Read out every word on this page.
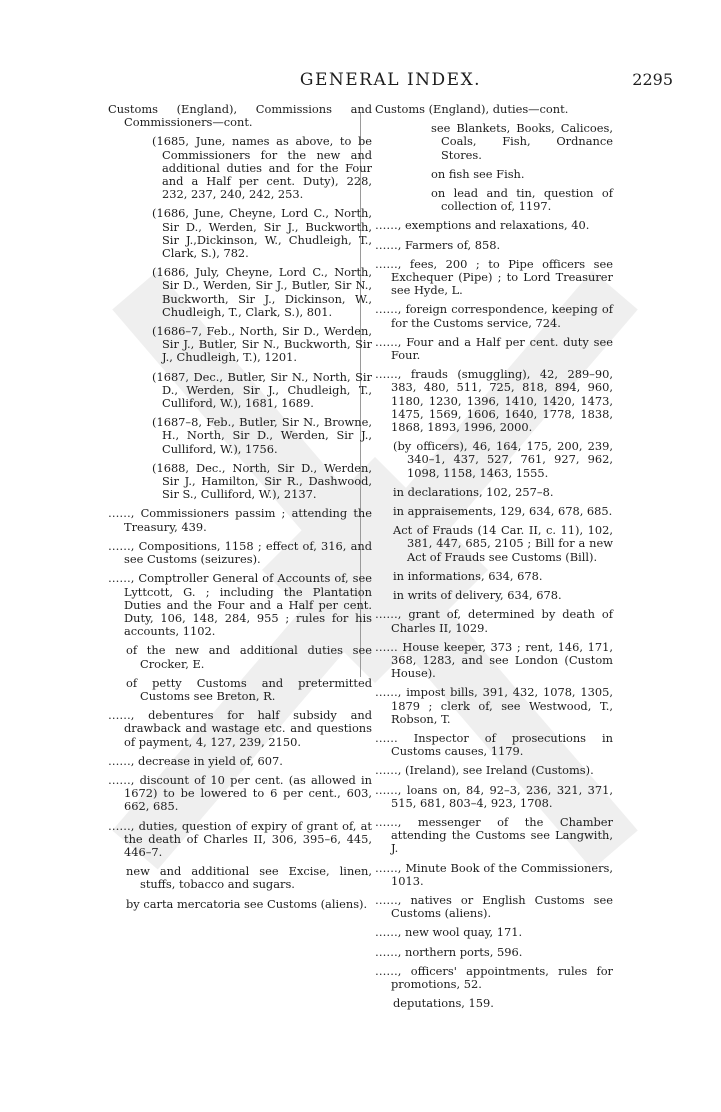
GENERAL INDEX.	2295

Customs (England), Commissions and Commissioners—cont.

(1685, June, names as above, to be Commissioners for the new and additional duties and for the Four and a Half per cent. Duty), 228, 232, 237, 240, 242, 253.

(1686, June, Cheyne, Lord C., North, Sir D., Werden, Sir J., Buckworth, Sir J.,Dickinson, W., Chudleigh, T., Clark, S.), 782.

(1686, July, Cheyne, Lord C., North, Sir D., Werden, Sir J., Butler, Sir N., Buckworth, Sir J., Dickinson, W., Chudleigh, T., Clark, S.), 801.

(1686–7, Feb., North, Sir D., Werden, Sir J., Butler, Sir N., Buckworth, Sir J., Chudleigh, T.), 1201.

(1687, Dec., Butler, Sir N., North, Sir D., Werden, Sir J., Chudleigh, T., Culliford, W.), 1681, 1689.

(1687–8, Feb., Butler, Sir N., Browne, H., North, Sir D., Werden, Sir J., Culliford, W.), 1756.

(1688, Dec., North, Sir D., Werden, Sir J., Hamilton, Sir R., Dashwood, Sir S., Culliford, W.), 2137.

……, Commissioners passim ; attending the Treasury, 439.

……, Compositions, 1158 ; effect of, 316, and see Customs (seizures).

……, Comptroller General of Accounts of, see Lyttcott, G. ; including the Plantation Duties and the Four and a Half per cent. Duty, 106, 148, 284, 955 ; rules for his accounts, 1102.

of the new and additional duties see Crocker, E.

of petty Customs and pretermitted Customs see Breton, R.

……, debentures for half subsidy and drawback and wastage etc. and questions of payment, 4, 127, 239, 2150.

……, decrease in yield of, 607.

……, discount of 10 per cent. (as allowed in 1672) to be lowered to 6 per cent., 603, 662, 685.

……, duties, question of expiry of grant of, at the death of Charles II, 306, 395–6, 445, 446–7.

new and additional see Excise, linen, stuffs, tobacco and sugars.

by carta mercatoria see Customs (aliens).

Customs (England), duties—cont.

see Blankets, Books, Calicoes, Coals, Fish, Ordnance Stores.

on fish see Fish.

on lead and tin, question of collection of, 1197.

……, exemptions and relaxations, 40.

……, Farmers of, 858.

……, fees, 200 ; to Pipe officers see Exchequer (Pipe) ; to Lord Treasurer see Hyde, L.

……, foreign correspondence, keeping of for the Customs service, 724.

……, Four and a Half per cent. duty see Four.

……, frauds (smuggling), 42, 289–90, 383, 480, 511, 725, 818, 894, 960, 1180, 1230, 1396, 1410, 1420, 1473, 1475, 1569, 1606, 1640, 1778, 1838, 1868, 1893, 1996, 2000.

(by officers), 46, 164, 175, 200, 239, 340–1, 437, 527, 761, 927, 962, 1098, 1158, 1463, 1555.

in declarations, 102, 257–8.

in appraisements, 129, 634, 678, 685.

Act of Frauds (14 Car. II, c. 11), 102, 381, 447, 685, 2105 ; Bill for a new Act of Frauds see Customs (Bill).

in informations, 634, 678.

in writs of delivery, 634, 678.

……, grant of, determined by death of Charles II, 1029.

…… House keeper, 373 ; rent, 146, 171, 368, 1283, and see London (Custom House).

……, impost bills, 391, 432, 1078, 1305, 1879 ; clerk of, see Westwood, T., Robson, T.

…… Inspector of prosecutions in Customs causes, 1179.

……, (Ireland), see Ireland (Customs).

……, loans on, 84, 92–3, 236, 321, 371, 515, 681, 803–4, 923, 1708.

……, messenger of the Chamber attending the Customs see Langwith, J.

……, Minute Book of the Commissioners, 1013.

……, natives or English Customs see Customs (aliens).

……, new wool quay, 171.

……, northern ports, 596.

……, officers' appointments, rules for promotions, 52.

deputations, 159.
